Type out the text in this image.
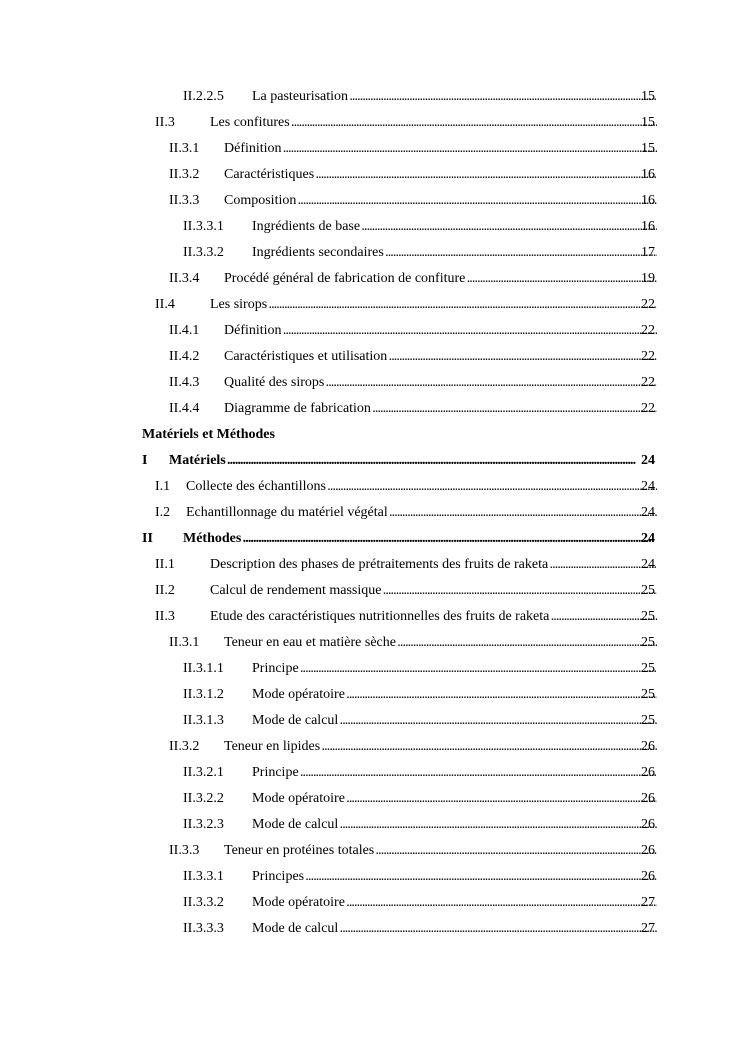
II.2.2.5 La pasteurisation . . .	15
II.3	Les confitures . . .	15
II.3.1 Définition . . .	15
II.3.2 Caractéristiques . . .	16
II.3.3 Composition . . .	16
II.3.3.1 Ingrédients de base . . .	16
II.3.3.2 Ingrédients secondaires . . .	17
II.3.4 Procédé général de fabrication de confiture . . .	19
II.4	Les sirops . . .	22
II.4.1 Définition . . .	22
II.4.2 Caractéristiques et utilisation . . .	22
II.4.3 Qualité des sirops . . .	22
II.4.4 Diagramme de fabrication . . .	22
Matériels et Méthodes
I Matériels . . .	24
I.1 Collecte des échantillons . . .	24
I.2 Echantillonnage du matériel végétal . . .	24
II Méthodes . . .	24
II.1	Description des phases de prétraitements des fruits de raketa . . .	24
II.2	Calcul de rendement massique . . .	25
II.3	Etude des caractéristiques nutritionnelles des fruits de raketa . . .	25
II.3.1 Teneur en eau et matière sèche . . .	25
II.3.1.1 Principe . . .	25
II.3.1.2 Mode opératoire . . .	25
II.3.1.3 Mode de calcul . . .	25
II.3.2 Teneur en lipides . . .	26
II.3.2.1 Principe . . .	26
II.3.2.2 Mode opératoire . . .	26
II.3.2.3 Mode de calcul . . .	26
II.3.3 Teneur en protéines totales . . .	26
II.3.3.1 Principes . . .	26
II.3.3.2 Mode opératoire . . .	27
II.3.3.3 Mode de calcul . . .	27
